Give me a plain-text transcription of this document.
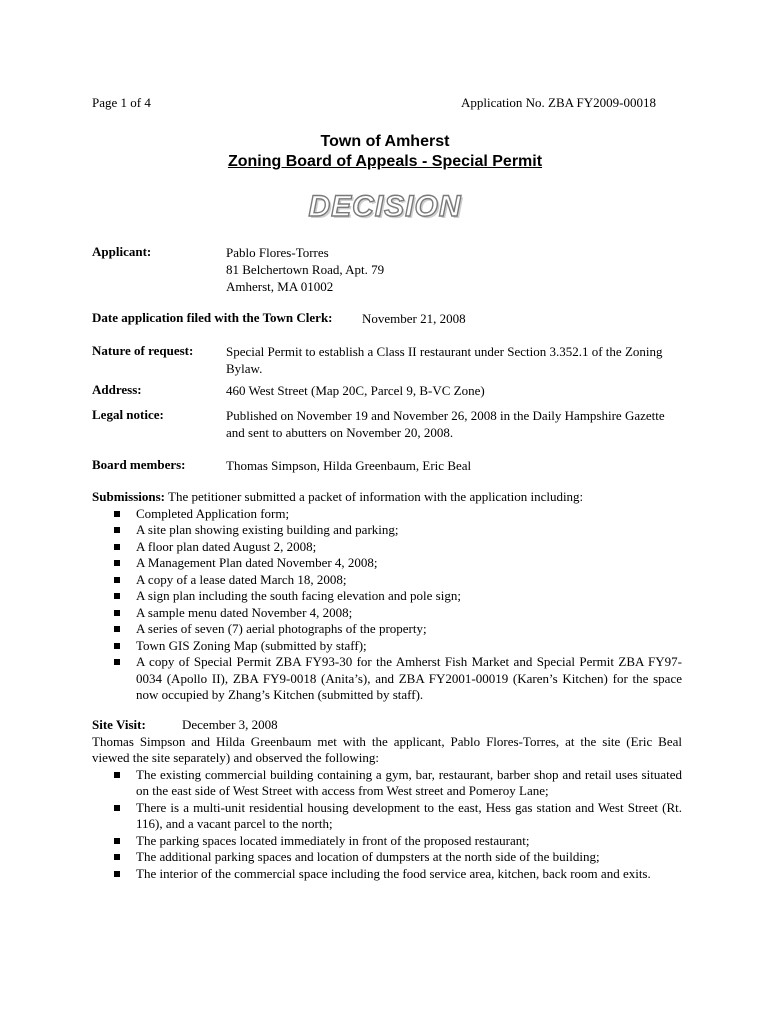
Page 1 of 4	Application No. ZBA FY2009-00018
Town of Amherst
Zoning Board of Appeals - Special Permit
DECISION
Applicant:	Pablo Flores-Torres
81 Belchertown Road, Apt. 79
Amherst, MA 01002
Date application filed with the Town Clerk: November 21, 2008
Nature of request:	Special Permit to establish a Class II restaurant under Section 3.352.1 of the Zoning Bylaw.
Address:	460 West Street (Map 20C, Parcel 9, B-VC Zone)
Legal notice:	Published on November 19 and November 26, 2008 in the Daily Hampshire Gazette and sent to abutters on November 20, 2008.
Board members:	Thomas Simpson, Hilda Greenbaum, Eric Beal
Submissions: The petitioner submitted a packet of information with the application including:
Completed Application form;
A site plan showing existing building and parking;
A floor plan dated August 2, 2008;
A Management Plan dated November 4, 2008;
A copy of a lease dated March 18, 2008;
A sign plan including the south facing elevation and pole sign;
A sample menu dated November 4, 2008;
A series of seven (7) aerial photographs of the property;
Town GIS Zoning Map (submitted by staff);
A copy of Special Permit ZBA FY93-30 for the Amherst Fish Market and Special Permit ZBA FY97-0034 (Apollo II), ZBA FY9-0018 (Anita’s), and ZBA FY2001-00019 (Karen’s Kitchen) for the space now occupied by Zhang’s Kitchen (submitted by staff).
Site Visit:	December 3, 2008
Thomas Simpson and Hilda Greenbaum met with the applicant, Pablo Flores-Torres, at the site (Eric Beal viewed the site separately) and observed the following:
The existing commercial building containing a gym, bar, restaurant, barber shop and retail uses situated on the east side of West Street with access from West street and Pomeroy Lane;
There is a multi-unit residential housing development to the east, Hess gas station and West Street (Rt. 116), and a vacant parcel to the north;
The parking spaces located immediately in front of the proposed restaurant;
The additional parking spaces and location of dumpsters at the north side of the building;
The interior of the commercial space including the food service area, kitchen, back room and exits.
